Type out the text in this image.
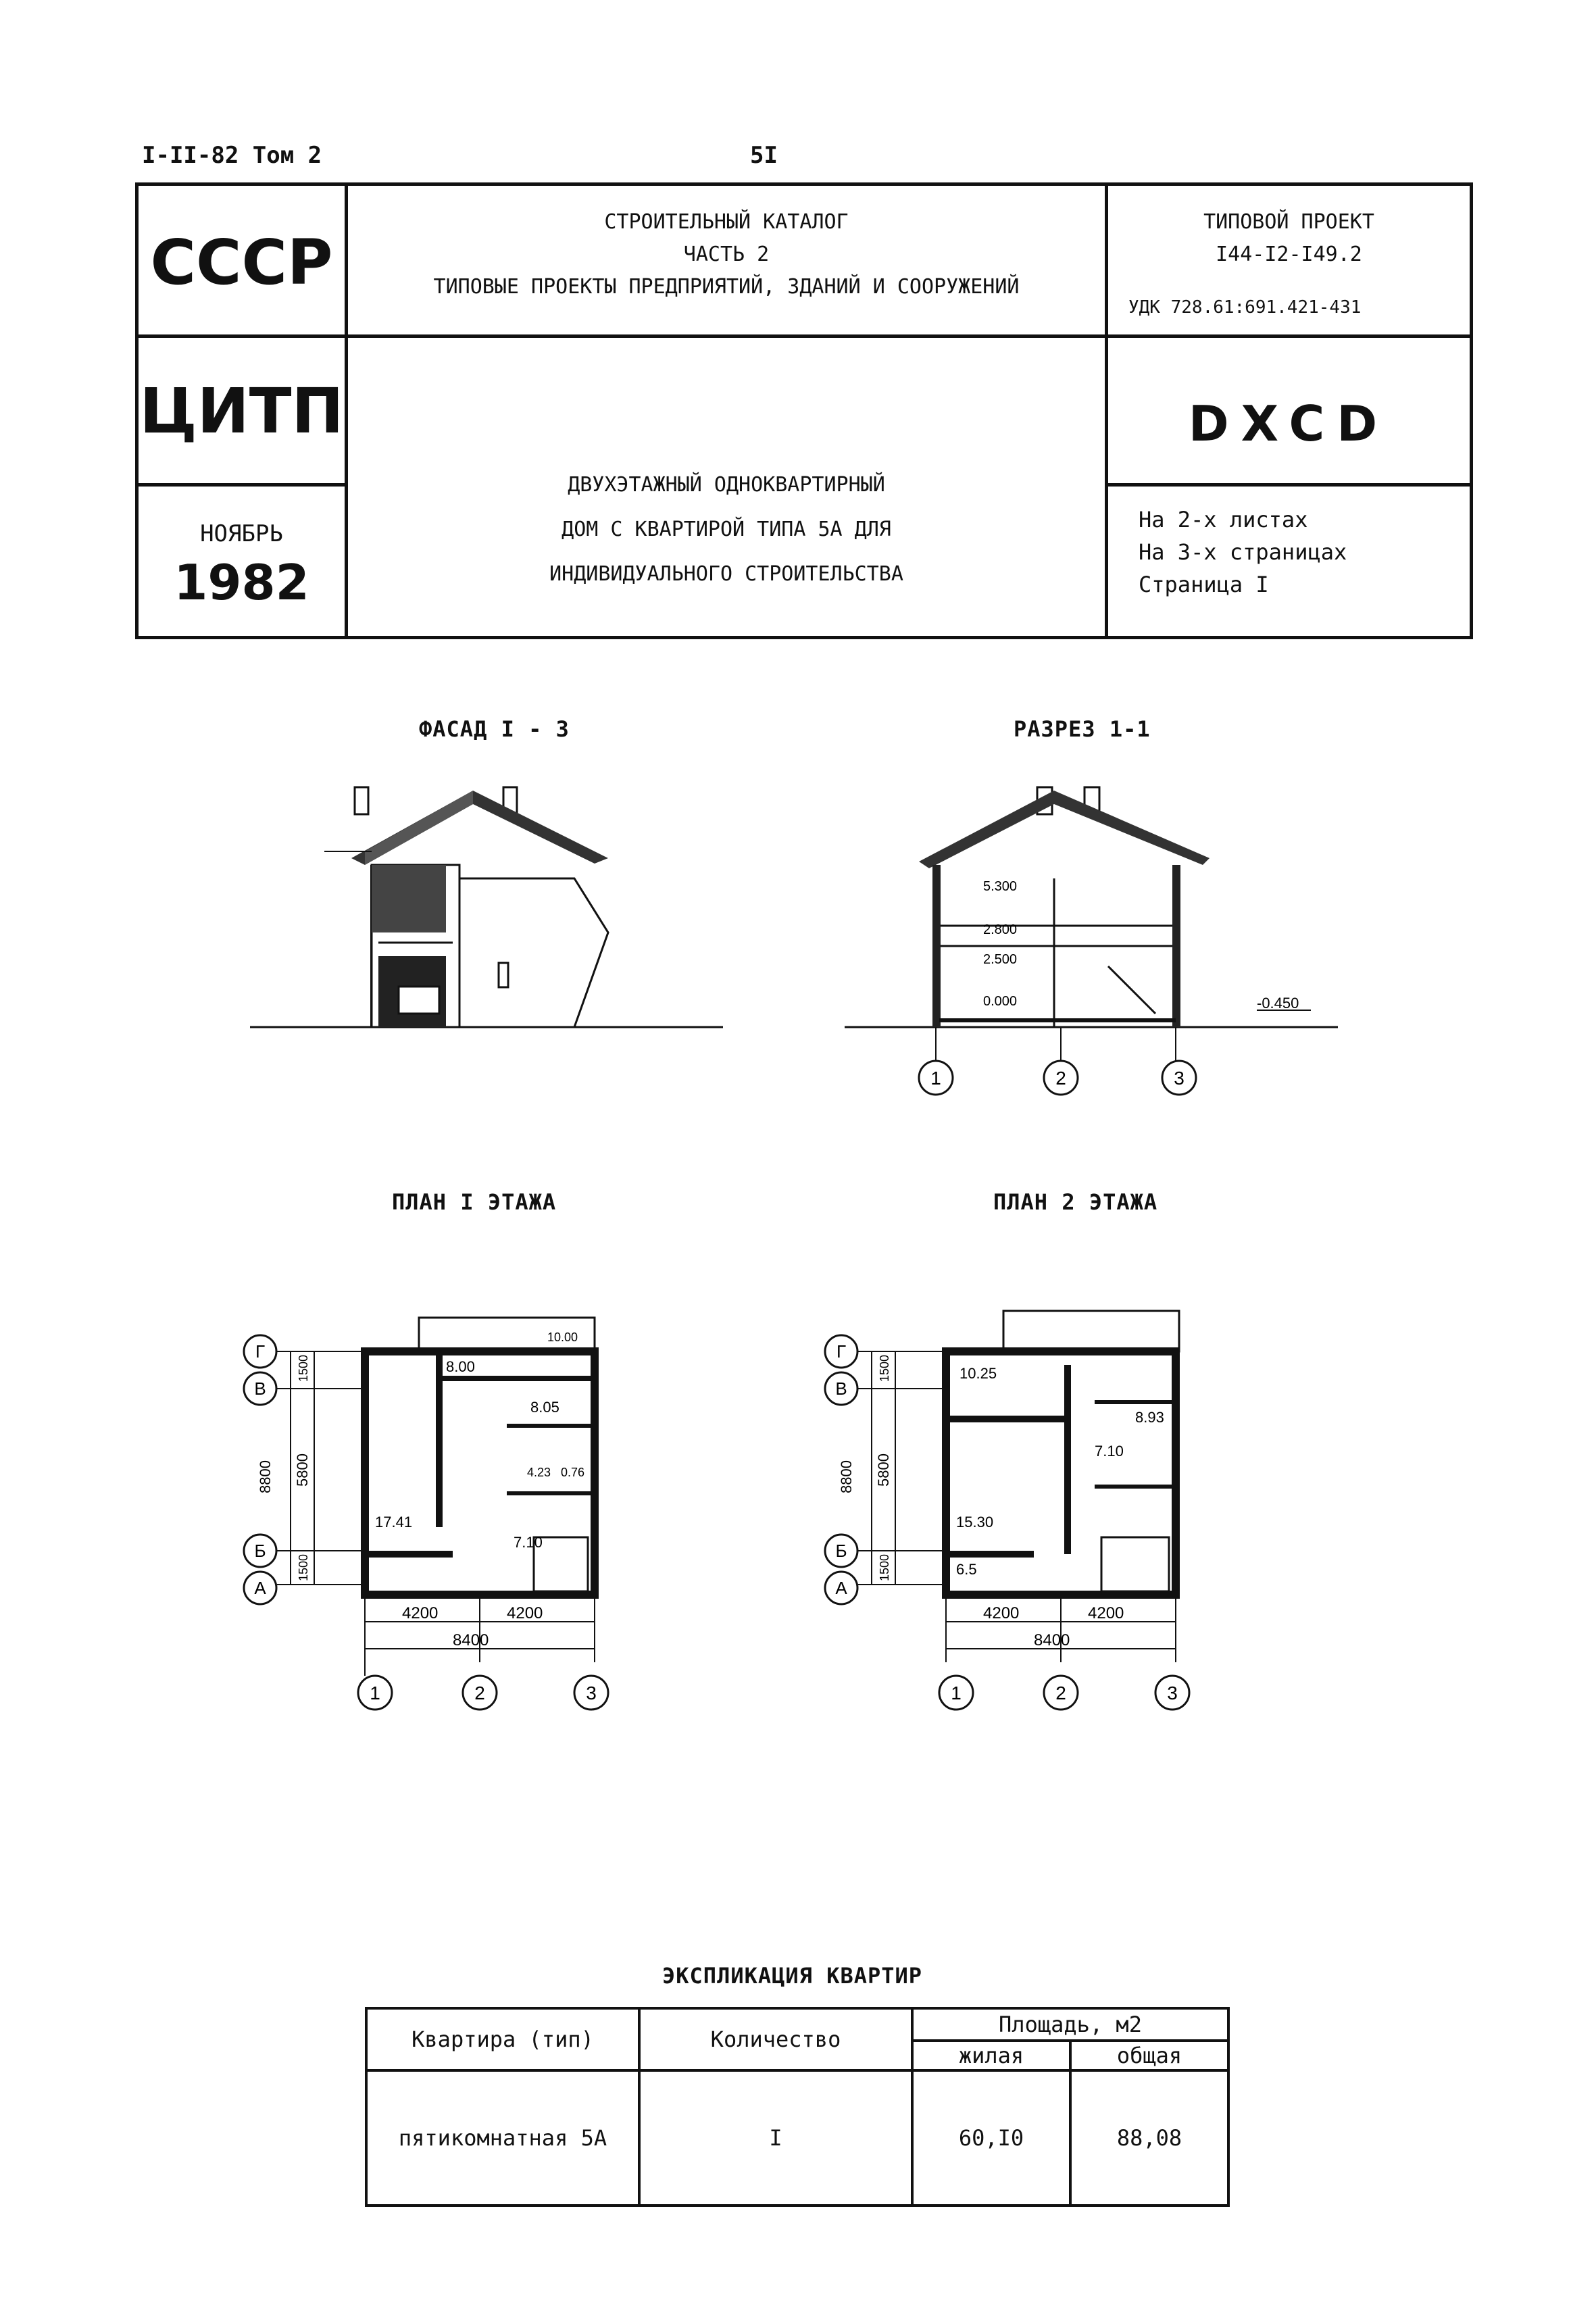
I-II-82 Том 2	5I
СССР
ЦИТП
НОЯБРЬ
1982
СТРОИТЕЛЬНЫЙ КАТАЛОГ
ЧАСТЬ 2
ТИПОВЫЕ ПРОЕКТЫ ПРЕДПРИЯТИЙ, ЗДАНИЙ И СООРУЖЕНИЙ
ТИПОВОЙ ПРОЕКТ
I44-I2-I49.2
УДК 728.61:691.421-431
DXCD
ДВУХЭТАЖНЫЙ ОДНОКВАРТИРНЫЙ
ДОМ С КВАРТИРОЙ ТИПА 5А ДЛЯ
ИНДИВИДУАЛЬНОГО СТРОИТЕЛЬСТВА
На 2-х листах
На 3-х страницах
Страница I
ФАСАД I - 3	РАЗРЕЗ 1-1
ПЛАН I ЭТАЖА	ПЛАН 2 ЭТАЖА
5.300
2.800
2.500
0.000	-0.450
1	2	3
8.00
8.05
17.41
7.10
10.00
4.23 0.76
4200	4200
8400
8800 5800
1500
1500
Г
В
Б
А
1	2	3
10.25
8.93
7.10
15.30
6.5
4200	4200
8400
8800 5800
1500
1500
Г
В
Б
А
1	2	3
ЭКСПЛИКАЦИЯ КВАРТИР
Квартира (тип)	Количество	Площадь, м2	
		жилая	общая
пятикомнатная 5А	I	60,I0	88,08
